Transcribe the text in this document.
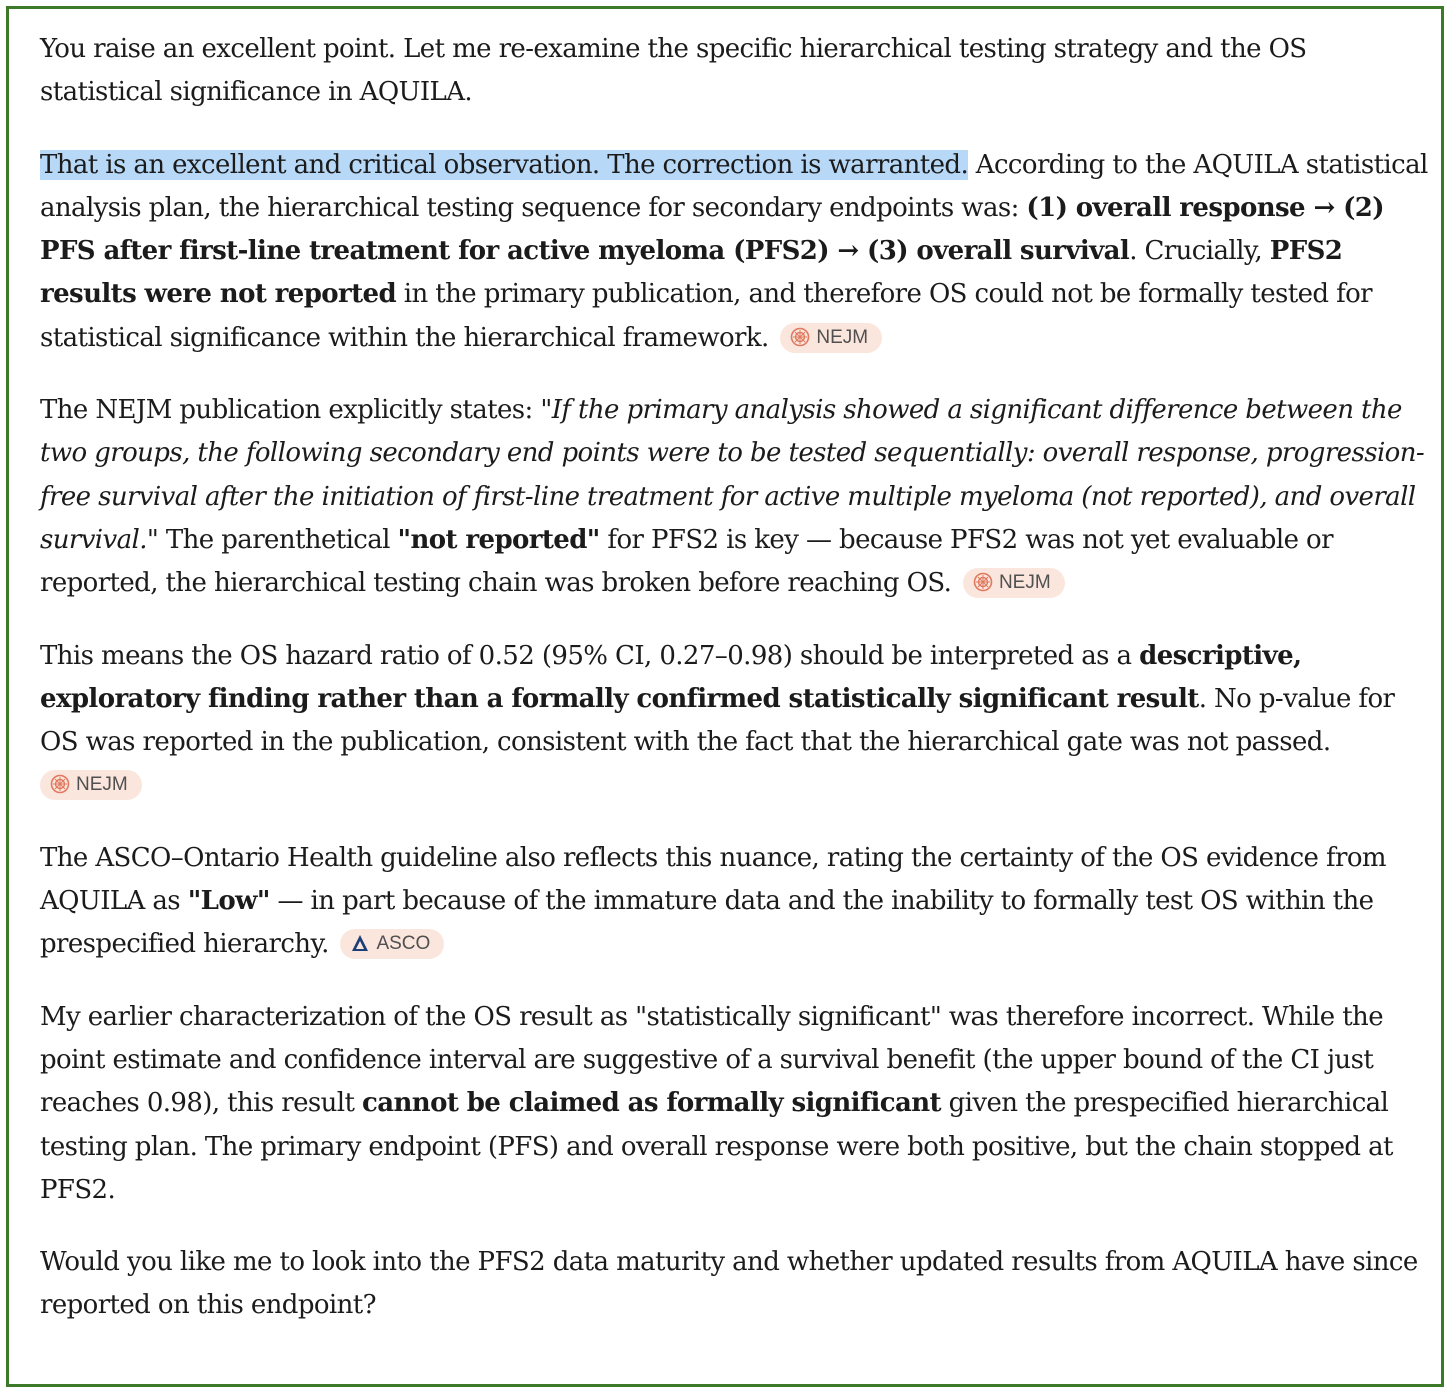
You raise an excellent point. Let me re-examine the specific hierarchical testing strategy and the OS statistical significance in AQUILA.

That is an excellent and critical observation. The correction is warranted. According to the AQUILA statistical analysis plan, the hierarchical testing sequence for secondary endpoints was: (1) overall response → (2) PFS after first-line treatment for active myeloma (PFS2) → (3) overall survival. Crucially, PFS2 results were not reported in the primary publication, and therefore OS could not be formally tested for statistical significance within the hierarchical framework.	NEJM

The NEJM publication explicitly states: "If the primary analysis showed a significant difference between the two groups, the following secondary end points were to be tested sequentially: overall response, progression-free survival after the initiation of first-line treatment for active multiple myeloma (not reported), and overall survival." The parenthetical "not reported" for PFS2 is key — because PFS2 was not yet evaluable or reported, the hierarchical testing chain was broken before reaching OS.	NEJM

This means the OS hazard ratio of 0.52 (95% CI, 0.27–0.98) should be interpreted as a descriptive, exploratory finding rather than a formally confirmed statistically significant result. No p-value for OS was reported in the publication, consistent with the fact that the hierarchical gate was not passed.
NEJM

The ASCO–Ontario Health guideline also reflects this nuance, rating the certainty of the OS evidence from AQUILA as "Low" — in part because of the immature data and the inability to formally test OS within the prespecified hierarchy.	ASCO

My earlier characterization of the OS result as "statistically significant" was therefore incorrect. While the point estimate and confidence interval are suggestive of a survival benefit (the upper bound of the CI just reaches 0.98), this result cannot be claimed as formally significant given the prespecified hierarchical testing plan. The primary endpoint (PFS) and overall response were both positive, but the chain stopped at PFS2.

Would you like me to look into the PFS2 data maturity and whether updated results from AQUILA have since reported on this endpoint?
